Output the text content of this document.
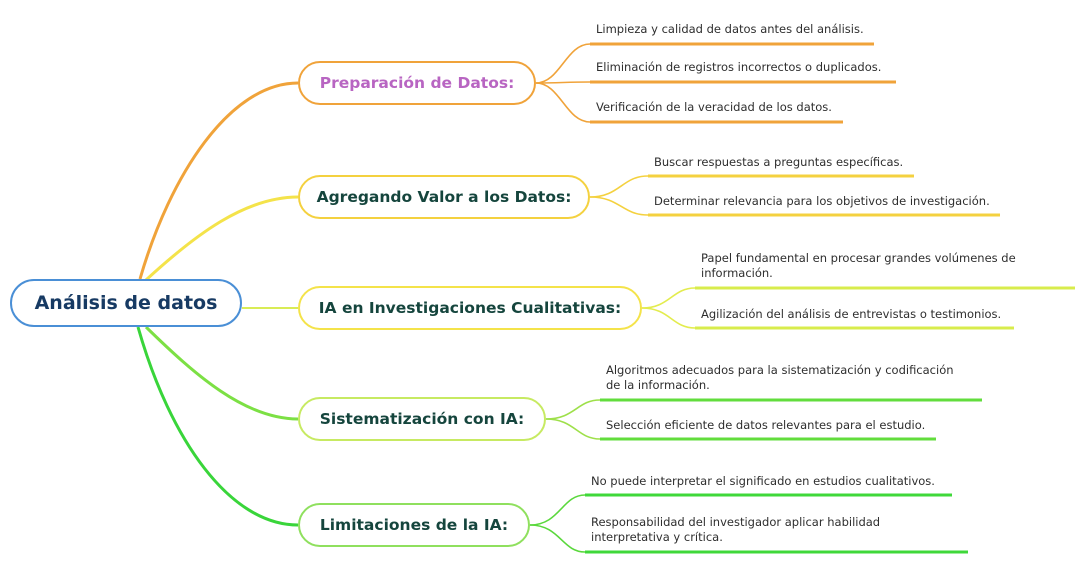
Análisis de datos
Preparación de Datos:
Agregando Valor a los Datos:
IA en Investigaciones Cualitativas:
Sistematización con IA:
Limitaciones de la IA:
Limpieza y calidad de datos antes del análisis.
Eliminación de registros incorrectos o duplicados.
Verificación de la veracidad de los datos.
Buscar respuestas a preguntas específicas.
Determinar relevancia para los objetivos de investigación.
Papel fundamental en procesar grandes volúmenes de información.
Agilización del análisis de entrevistas o testimonios.
Algoritmos adecuados para la sistematización y codificación de la información.
Selección eficiente de datos relevantes para el estudio.
No puede interpretar el significado en estudios cualitativos.
Responsabilidad del investigador aplicar habilidad interpretativa y crítica.
